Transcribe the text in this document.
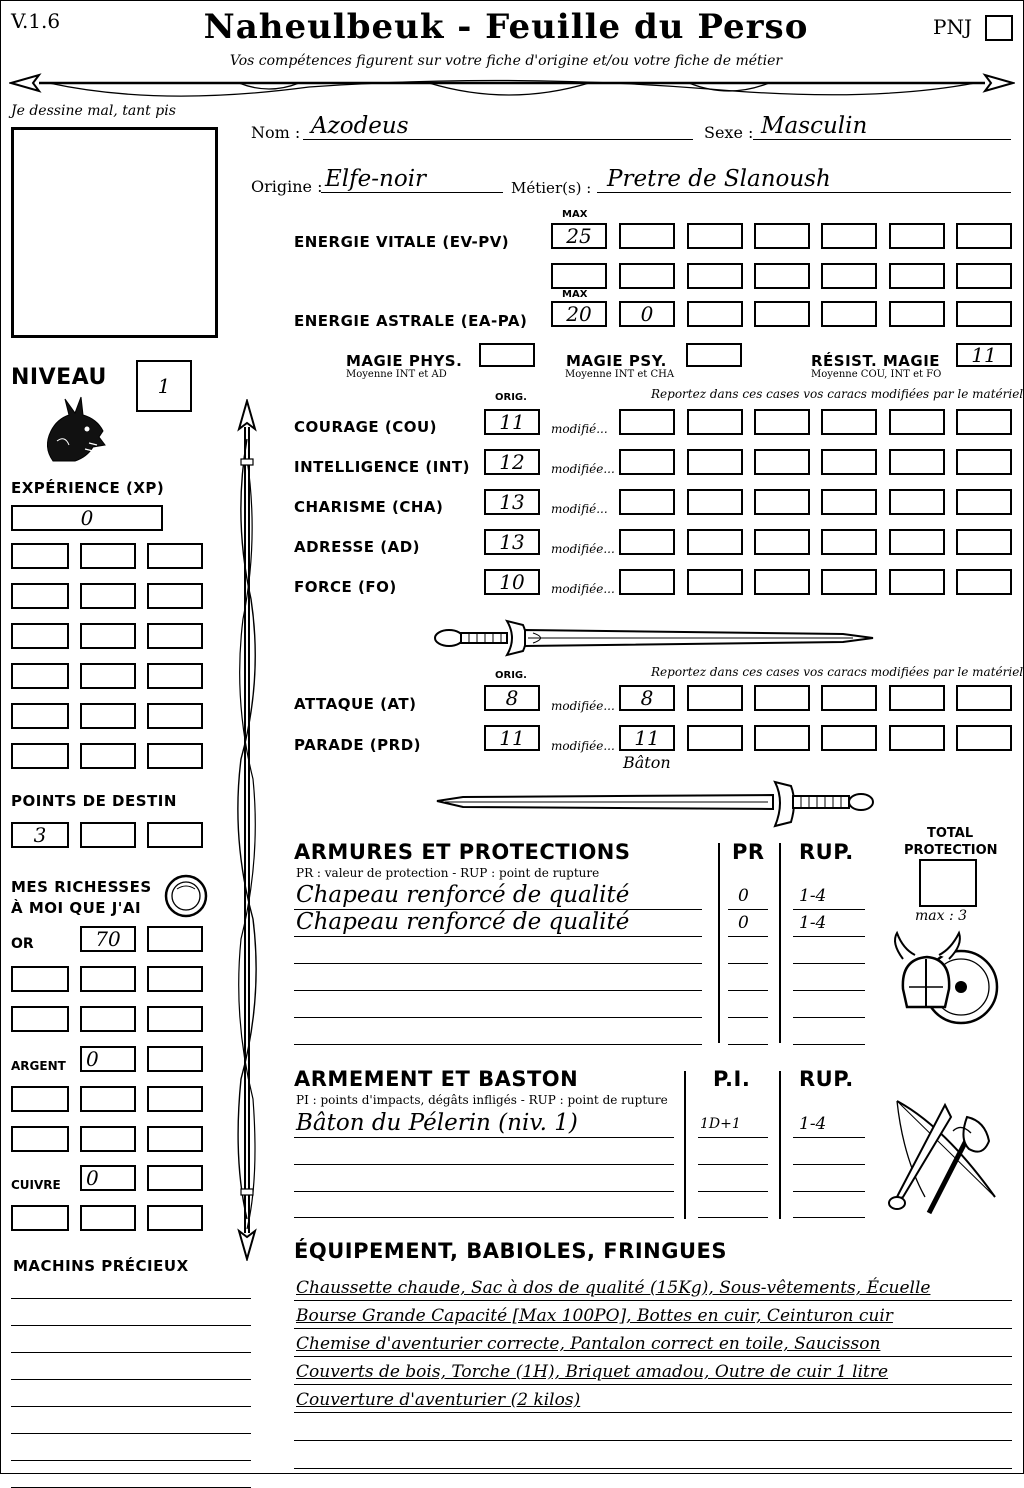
V.1.6	Naheulbeuk - Feuille du Perso
Vos compétences figurent sur votre fiche d'origine et/ou votre fiche de métier
PNJ
Je dessine mal, tant pis
Nom : Azodeus	Sexe : Masculin
Origine : Elfe-noir	Métier(s) : Pretre de Slanoush
MAX
ENERGIE VITALE (EV-PV)	25
MAX
ENERGIE ASTRALE (EA-PA)	20	0
MAGIE PHYS.
Moyenne INT et AD
MAGIE PSY.
Moyenne INT et CHA
RÉSIST. MAGIE
Moyenne COU, INT et FO
11
ORIG.	Reportez dans ces cases vos caracs modifiées par le matériel
ORIG.	Reportez dans ces cases vos caracs modifiées par le matériel
ATTAQUE (AT)	8	modifiée...	8
PARADE (PRD)	11	modifiée... 11
Bâton
NIVEAU	1
EXPÉRIENCE (XP)
0
POINTS DE DESTIN
3
MES RICHESSES
À MOI QUE J'AI
OR	70
ARGENT	0
CUIVRE	0
MACHINS PRÉCIEUX
ARMURES ET PROTECTIONS
PR : valeur de protection - RUP : point de rupture
PR RUP.
TOTAL
PROTECTION
max : 3
ARMEMENT ET BASTON
PI : points d'impacts, dégâts infligés - RUP : point de rupture
P.I. RUP.
ÉQUIPEMENT, BABIOLES, FRINGUES
COURAGE (COU)	11	modifié...
INTELLIGENCE (INT)	12	modifiée...
CHARISME (CHA)	13	modifié...
ADRESSE (AD)	13	modifiée...
FORCE (FO)	10	modifiée...
Chapeau renforcé de qualité	0	1-4
Chapeau renforcé de qualité	0	1-4
Bâton du Pélerin (niv. 1)	1D+1	1-4
Chaussette chaude, Sac à dos de qualité (15Kg), Sous-vêtements, Écuelle
Bourse Grande Capacité [Max 100PO], Bottes en cuir, Ceinturon cuir
Chemise d'aventurier correcte, Pantalon correct en toile, Saucisson
Couverts de bois, Torche (1H), Briquet amadou, Outre de cuir 1 litre
Couverture d'aventurier (2 kilos)
